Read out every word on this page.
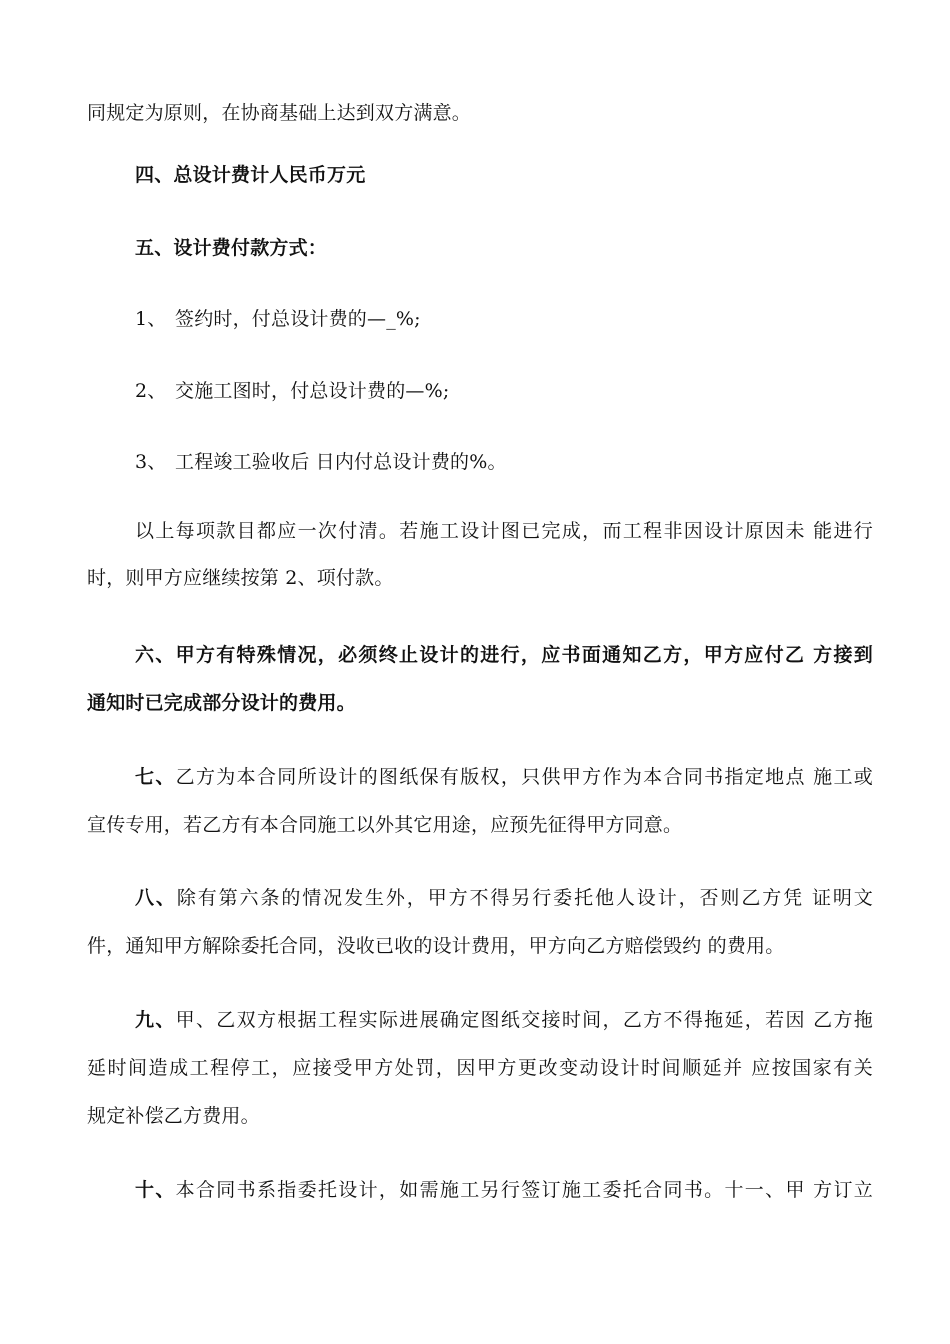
同规定为原则，在协商基础上达到双方满意。
四、总设计费计人民币万元
五、设计费付款方式：
1、 签约时，付总设计费的—_%;
2、 交施工图时，付总设计费的—%;
3、 工程竣工验收后 日内付总设计费的%。
以上每项款目都应一次付清。若施工设计图已完成，而工程非因设计原因未 能进行
时，则甲方应继续按第 2、项付款。
六、甲方有特殊情况，必须终止设计的进行，应书面通知乙方，甲方应付乙 方接到
通知时已完成部分设计的费用。
七、乙方为本合同所设计的图纸保有版权，只供甲方作为本合同书指定地点 施工或
宣传专用，若乙方有本合同施工以外其它用途，应预先征得甲方同意。
八、除有第六条的情况发生外，甲方不得另行委托他人设计，否则乙方凭 证明文
件，通知甲方解除委托合同，没收已收的设计费用，甲方向乙方赔偿毁约 的费用。
九、甲、乙双方根据工程实际进展确定图纸交接时间，乙方不得拖延，若因 乙方拖
延时间造成工程停工，应接受甲方处罚，因甲方更改变动设计时间顺延并 应按国家有关
规定补偿乙方费用。
十、本合同书系指委托设计，如需施工另行签订施工委托合同书。十一、甲 方订立
